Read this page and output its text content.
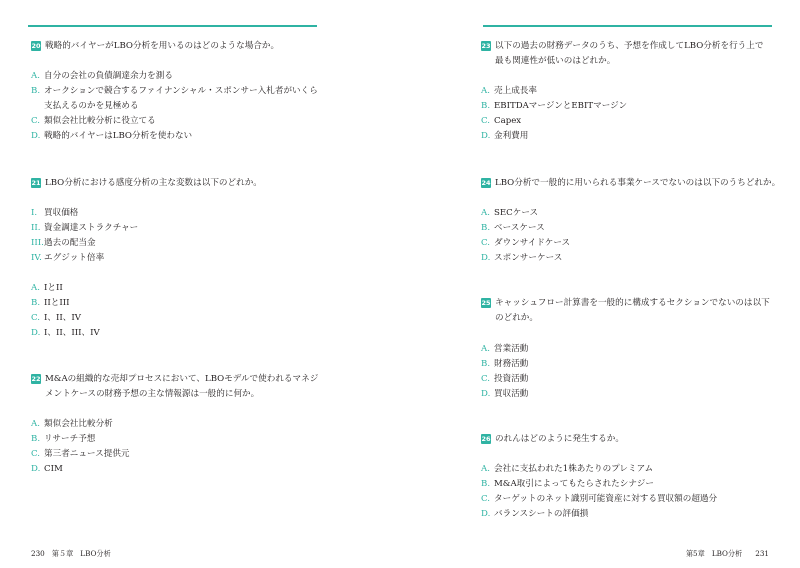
20 戦略的バイヤーがLBO分析を用いるのはどのような場合か。
A. 自分の会社の負債調達余力を測る
B. オークションで競合するファイナンシャル・スポンサー入札者がいくら
支払えるのかを見極める
C. 類似会社比較分析に役立てる
D. 戦略的バイヤーはLBO分析を使わない
21 LBO分析における感度分析の主な変数は以下のどれか。
I. 買収価格
II. 資金調達ストラクチャー
III. 過去の配当金
IV. エグジット倍率
A. IとII
B. IIとIII
C. I、II、IV
D. I、II、III、IV
22 M&Aの組織的な売却プロセスにおいて、LBOモデルで使われるマネジ
メントケースの財務予想の主な情報源は一般的に何か。
A. 類似会社比較分析
B. リサーチ予想
C. 第三者ニュース提供元
D. CIM
230 第５章 LBO分析
23 以下の過去の財務データのうち、予想を作成してLBO分析を行う上で
最も関連性が低いのはどれか。
A. 売上成長率
B. EBITDAマージンとEBITマージン
C. Capex
D. 金利費用
24 LBO分析で一般的に用いられる事業ケースでないのは以下のうちどれか。
A. SECケース
B. ベースケース
C. ダウンサイドケース
D. スポンサーケース
25 キャッシュフロー計算書を一般的に構成するセクションでないのは以下
のどれか。
A. 営業活動
B. 財務活動
C. 投資活動
D. 買収活動
26 のれんはどのように発生するか。
A. 会社に支払われた1株あたりのプレミアム
B. M&A取引によってもたらされたシナジー
C. ターゲットのネット識別可能資産に対する買収額の超過分
D. バランスシートの評価損
第5章 LBO分析 231
